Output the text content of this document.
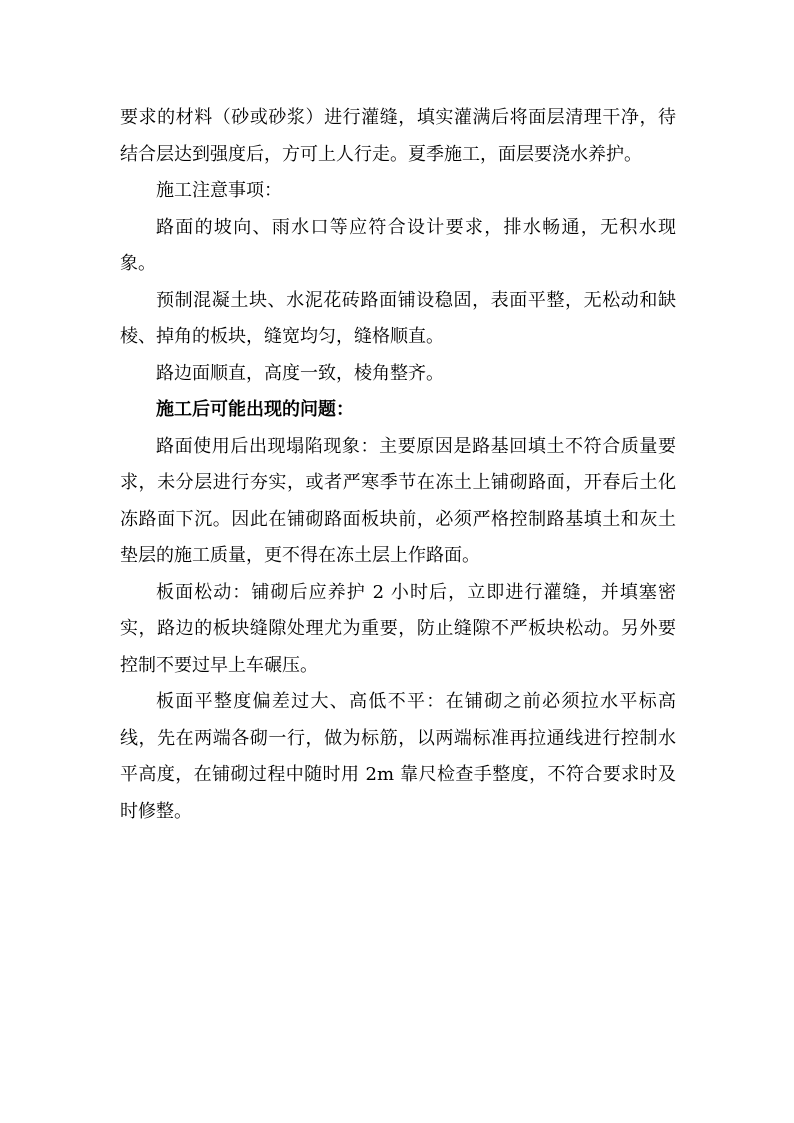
要求的材料（砂或砂浆）进行灌缝，填实灌满后将面层清理干净，待结合层达到强度后，方可上人行走。夏季施工，面层要浇水养护。

施工注意事项：

路面的坡向、雨水口等应符合设计要求，排水畅通，无积水现象。

预制混凝土块、水泥花砖路面铺设稳固，表面平整，无松动和缺棱、掉角的板块，缝宽均匀，缝格顺直。

路边面顺直，高度一致，棱角整齐。

施工后可能出现的问题：

路面使用后出现塌陷现象：主要原因是路基回填土不符合质量要求，未分层进行夯实，或者严寒季节在冻土上铺砌路面，开春后土化冻路面下沉。因此在铺砌路面板块前，必须严格控制路基填土和灰土垫层的施工质量，更不得在冻土层上作路面。

板面松动：铺砌后应养护 2 小时后，立即进行灌缝，并填塞密实，路边的板块缝隙处理尤为重要，防止缝隙不严板块松动。另外要控制不要过早上车碾压。

板面平整度偏差过大、高低不平：在铺砌之前必须拉水平标高线，先在两端各砌一行，做为标筋，以两端标准再拉通线进行控制水平高度，在铺砌过程中随时用 2m 靠尺检查手整度，不符合要求时及时修整。
